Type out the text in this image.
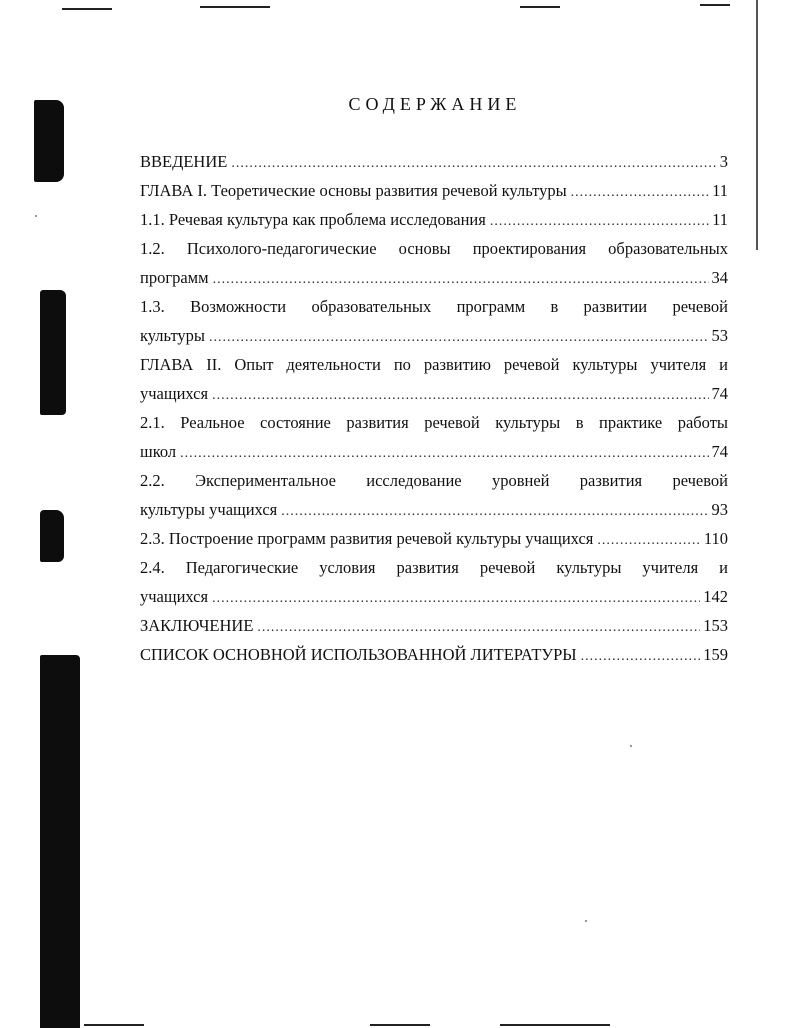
СОДЕРЖАНИЕ
ВВЕДЕНИЕ .....	3
ГЛАВА I. Теоретические основы развития речевой культуры .....	11
1.1. Речевая культура как проблема исследования .....	11
1.2. Психолого-педагогические основы проектирования образовательных
программ .....	34
1.3. Возможности образовательных программ в развитии речевой
культуры .....	53
ГЛАВА II. Опыт деятельности по развитию речевой культуры учителя и
учащихся .....	74
2.1. Реальное состояние развития речевой культуры в практике работы
школ .....	74
2.2. Экспериментальное исследование уровней развития речевой
культуры учащихся .....	93
2.3. Построение программ развития речевой культуры учащихся .....	110
2.4. Педагогические условия развития речевой культуры учителя и
учащихся .....	142
ЗАКЛЮЧЕНИЕ .....	153
СПИСОК ОСНОВНОЙ ИСПОЛЬЗОВАННОЙ ЛИТЕРАТУРЫ .....	159
